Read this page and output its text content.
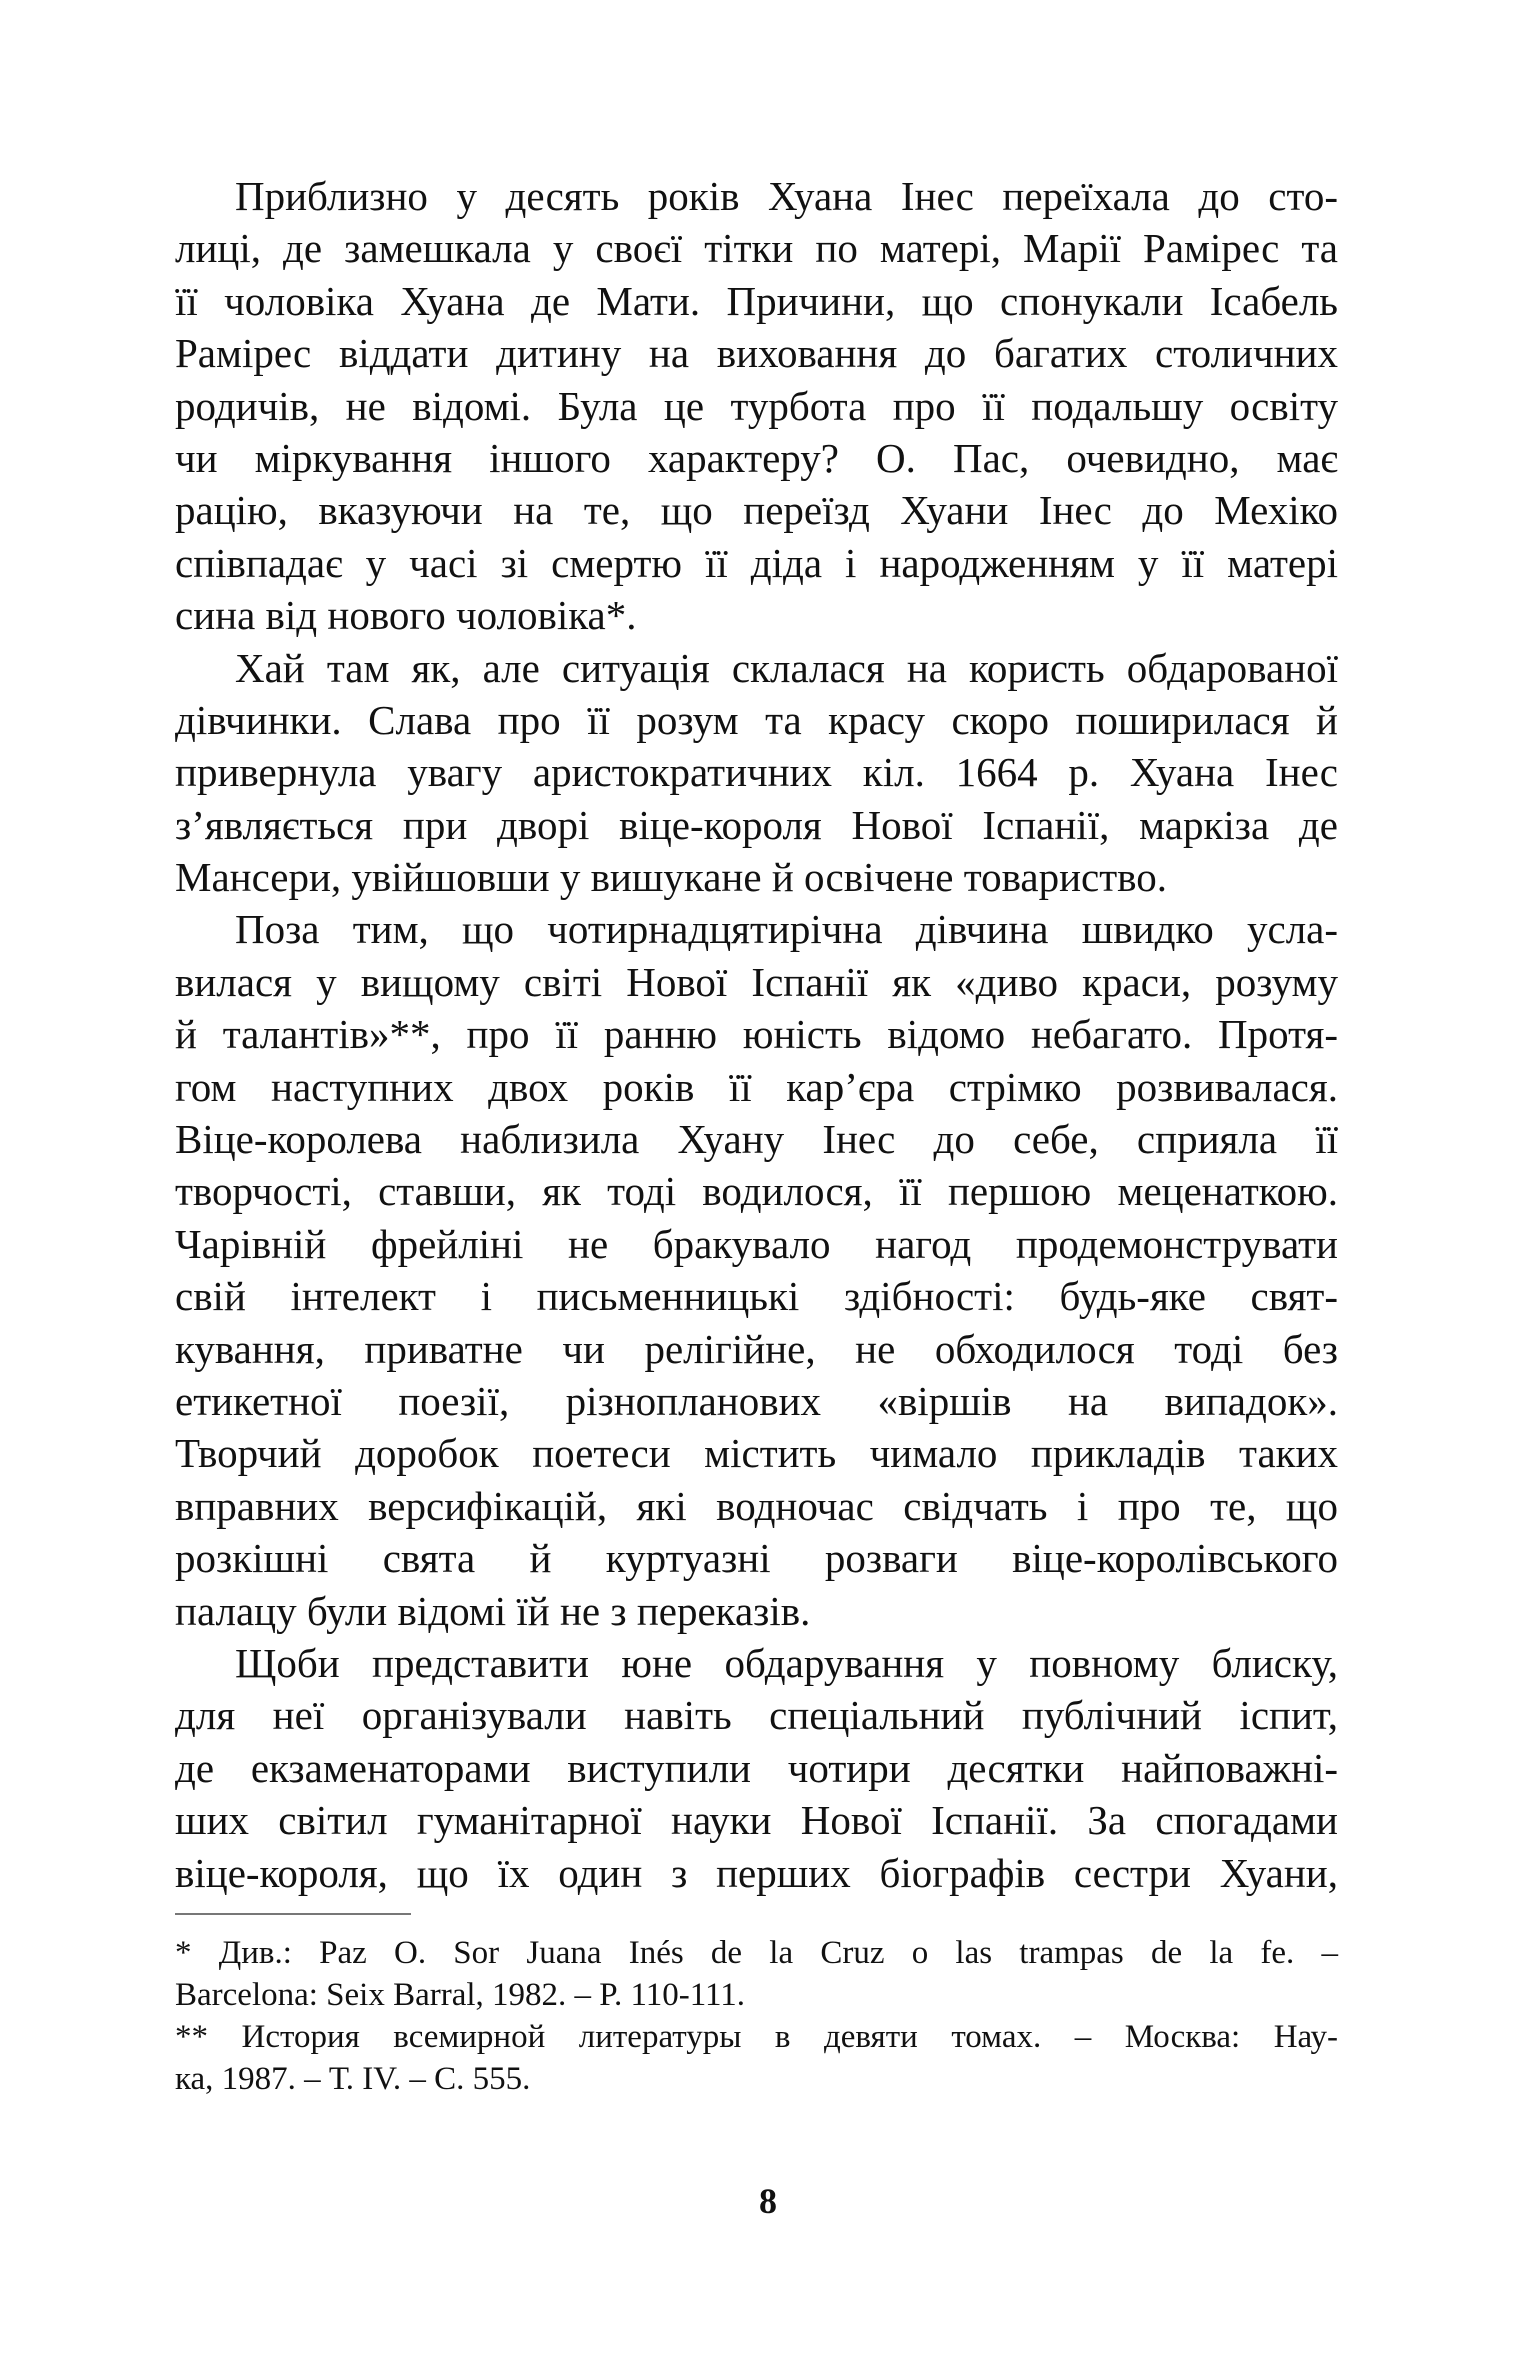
Приблизно у десять років Хуана Інес переїхала до сто-
лиці, де замешкала у своєї тітки по матері, Марії Рамірес та
її чоловіка Хуана де Мати. Причини, що спонукали Ісабель
Рамірес віддати дитину на виховання до багатих столичних
родичів, не відомі. Була це турбота про її подальшу освіту
чи міркування іншого характеру? О. Пас, очевидно, має
рацію, вказуючи на те, що переїзд Хуани Інес до Мехіко
співпадає у часі зі смертю її діда і народженням у її матері
сина від нового чоловіка*.
Хай там як, але ситуація склалася на користь обдарованої
дівчинки. Слава про її розум та красу скоро поширилася й
привернула увагу аристократичних кіл. 1664 р. Хуана Інес
з’являється при дворі віце-короля Нової Іспанії, маркіза де
Мансери, увійшовши у вишукане й освічене товариство.
Поза тим, що чотирнадцятирічна дівчина швидко усла-
вилася у вищому світі Нової Іспанії як «диво краси, розуму
й талантів»**, про її ранню юність відомо небагато. Протя-
гом наступних двох років її кар’єра стрімко розвивалася.
Віце-королева наблизила Хуану Інес до себе, сприяла її
творчості, ставши, як тоді водилося, її першою меценаткою.
Чарівній фрейліні не бракувало нагод продемонструвати
свій інтелект і письменницькі здібності: будь-яке свят-
кування, приватне чи релігійне, не обходилося тоді без
етикетної поезії, різнопланових «віршів на випадок».
Творчий доробок поетеси містить чимало прикладів таких
вправних версифікацій, які водночас свідчать і про те, що
розкішні свята й куртуазні розваги віце-королівського
палацу були відомі їй не з переказів.
Щоби представити юне обдарування у повному блиску,
для неї організували навіть спеціальний публічний іспит,
де екзаменаторами виступили чотири десятки найповажні-
ших світил гуманітарної науки Нової Іспанії. За спогадами
віце-короля, що їх один з перших біографів сестри Хуани,
* Див.: Paz O. Sor Juana Inés de la Cruz o las trampas de la fe. –
Barcelona: Seix Barral, 1982. – P. 110-111.
** История всемирной литературы в девяти томах. – Москва: Нау-
ка, 1987. – Т. IV. – С. 555.
8
